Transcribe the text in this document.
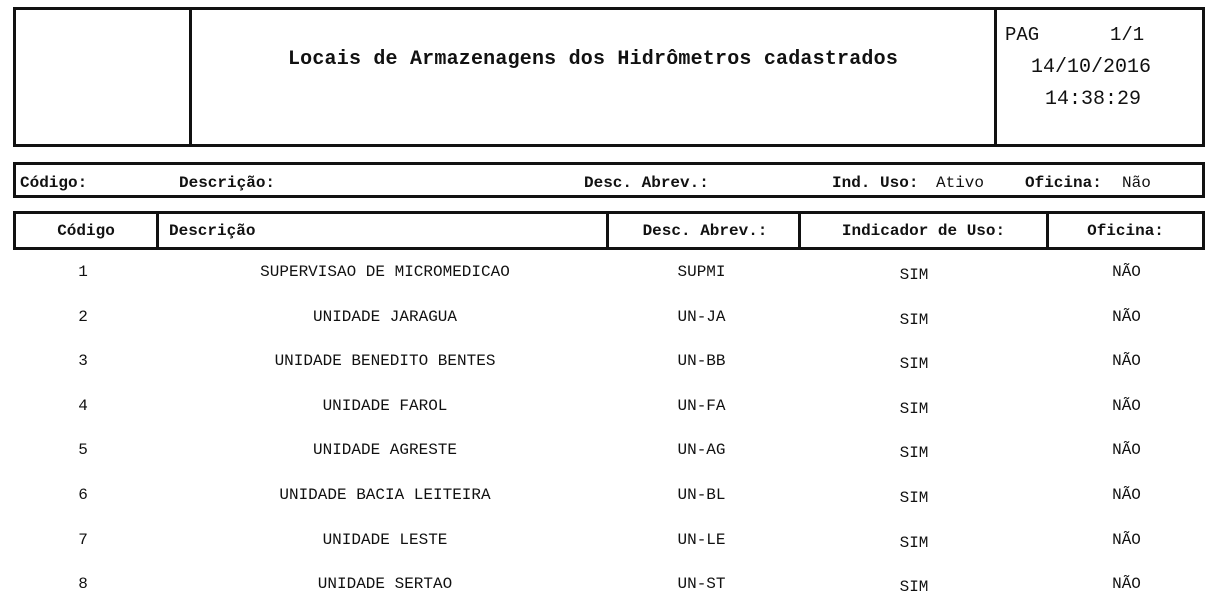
Locais de Armazenagens dos Hidrômetros cadastrados
PAG	1/1
14/10/2016
14:38:29
Código:	Descrição:	Desc. Abrev.:	Ind. Uso: Ativo	Oficina: Não
Código	Descrição	Desc. Abrev.:	Indicador de Uso:	Oficina:
1	SUPERVISAO DE MICROMEDICAO	SUPMI	SIM	NÃO
2	UNIDADE JARAGUA	UN-JA	SIM	NÃO
3	UNIDADE BENEDITO BENTES	UN-BB	SIM	NÃO
4	UNIDADE FAROL	UN-FA	SIM	NÃO
5	UNIDADE AGRESTE	UN-AG	SIM	NÃO
6	UNIDADE BACIA LEITEIRA	UN-BL	SIM	NÃO
7	UNIDADE LESTE	UN-LE	SIM	NÃO
8	UNIDADE SERTAO	UN-ST	SIM	NÃO
